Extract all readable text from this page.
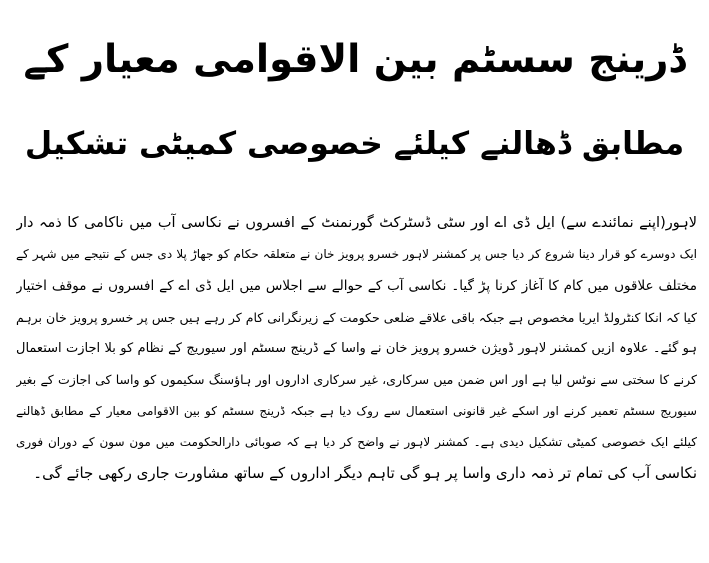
ڈرینج سسٹم بین الاقوامی معیار کے
مطابق ڈھالنے کیلئے خصوصی کمیٹی تشکیل
لاہور(اپنے نمائندے سے) ایل ڈی اے اور سٹی ڈسٹرکٹ گورنمنٹ کے افسروں نے نکاسی آب میں ناکامی کا ذمہ دار
ایک دوسرے کو قرار دینا شروع کر دیا جس پر کمشنر لاہور خسرو پرویز خان نے متعلقہ حکام کو جھاڑ پلا دی جس کے نتیجے میں شہر کے
مختلف علاقوں میں کام کا آغاز کرنا پڑ گیا۔ نکاسی آب کے حوالے سے اجلاس میں ایل ڈی اے کے افسروں نے موقف اختیار
کیا کہ انکا کنٹرولڈ ایریا مخصوص ہے جبکہ باقی علاقے ضلعی حکومت کے زیرنگرانی کام کر رہے ہیں جس پر خسرو پرویز خان برہم
ہو گئے۔ علاوہ ازیں کمشنر لاہور ڈویژن خسرو پرویز خان نے واسا کے ڈرینج سسٹم اور سیوریج کے نظام کو بلا اجازت استعمال
کرنے کا سختی سے نوٹس لیا ہے اور اس ضمن میں سرکاری، غیر سرکاری اداروں اور ہاؤسنگ سکیموں کو واسا کی اجازت کے بغیر
سیوریج سسٹم تعمیر کرنے اور اسکے غیر قانونی استعمال سے روک دیا ہے جبکہ ڈرینج سسٹم کو بین الاقوامی معیار کے مطابق ڈھالنے
کیلئے ایک خصوصی کمیٹی تشکیل دیدی ہے۔ کمشنر لاہور نے واضح کر دیا ہے کہ صوبائی دارالحکومت میں مون سون کے دوران فوری
نکاسی آب کی تمام تر ذمہ داری واسا پر ہو گی تاہم دیگر اداروں کے ساتھ مشاورت جاری رکھی جائے گی۔
